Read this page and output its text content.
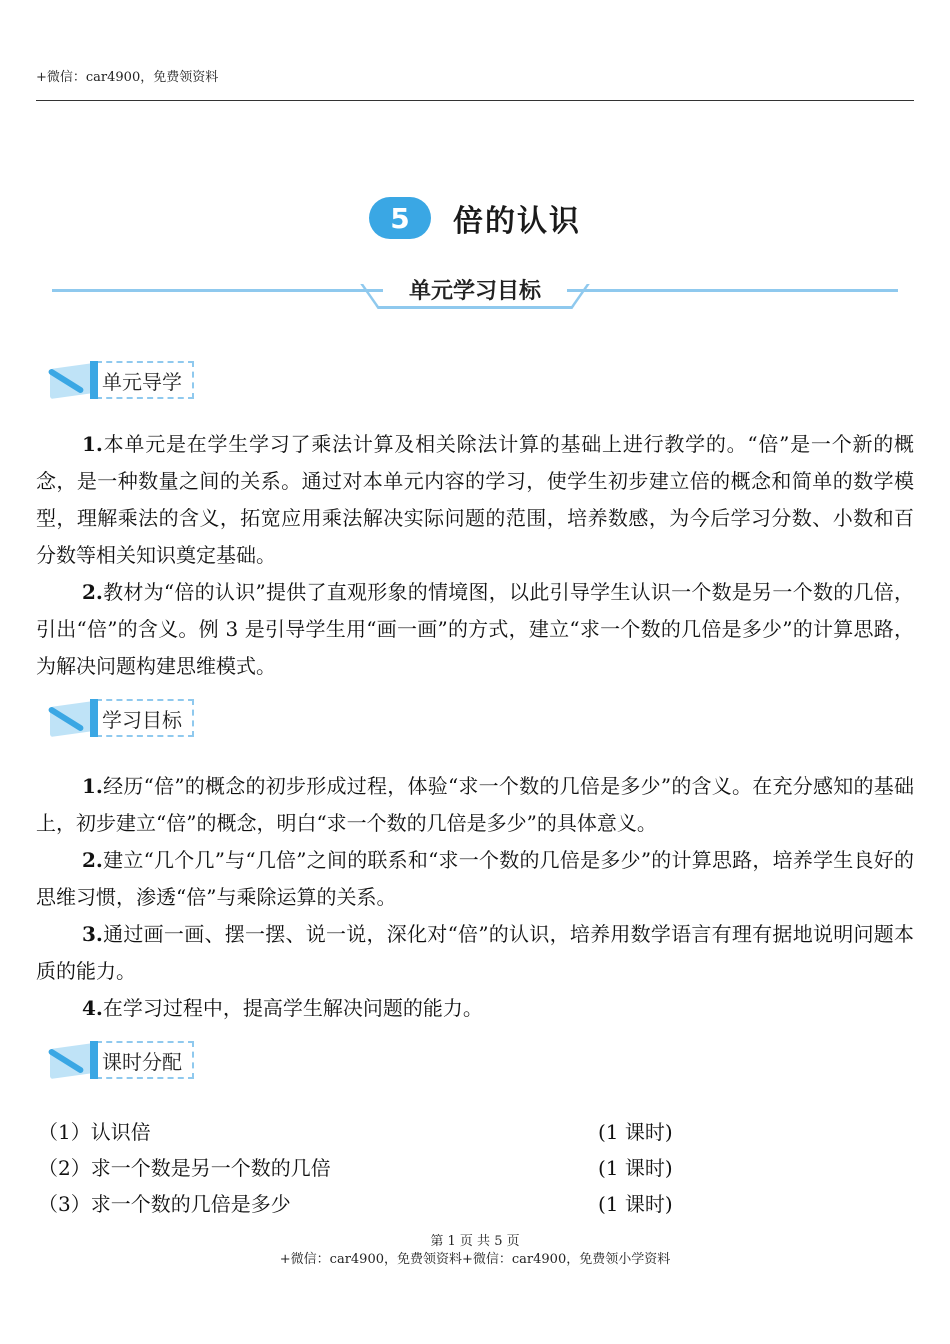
+微信：car4900，免费领资料
5	倍的认识
单元学习目标
单元导学

1.本单元是在学生学习了乘法计算及相关除法计算的基础上进行教学的。“倍”是一个新的概念，是一种数量之间的关系。通过对本单元内容的学习，使学生初步建立倍的概念和简单的数学模型，理解乘法的含义，拓宽应用乘法解决实际问题的范围，培养数感，为今后学习分数、小数和百分数等相关知识奠定基础。

2.教材为“倍的认识”提供了直观形象的情境图，以此引导学生认识一个数是另一个数的几倍，引出“倍”的含义。例 3 是引导学生用“画一画”的方式，建立“求一个数的几倍是多少”的计算思路，为解决问题构建思维模式。

学习目标

1.经历“倍”的概念的初步形成过程，体验“求一个数的几倍是多少”的含义。在充分感知的基础上，初步建立“倍”的概念，明白“求一个数的几倍是多少”的具体意义。

2.建立“几个几”与“几倍”之间的联系和“求一个数的几倍是多少”的计算思路，培养学生良好的思维习惯，渗透“倍”与乘除运算的关系。

3.通过画一画、摆一摆、说一说，深化对“倍”的认识，培养用数学语言有理有据地说明问题本质的能力。

4.在学习过程中，提高学生解决问题的能力。

课时分配
（1）认识倍	(1 课时)
（2）求一个数是另一个数的几倍	(1 课时)
（3）求一个数的几倍是多少	(1 课时)
第 1 页 共 5 页
+微信：car4900，免费领资料+微信：car4900，免费领小学资料
